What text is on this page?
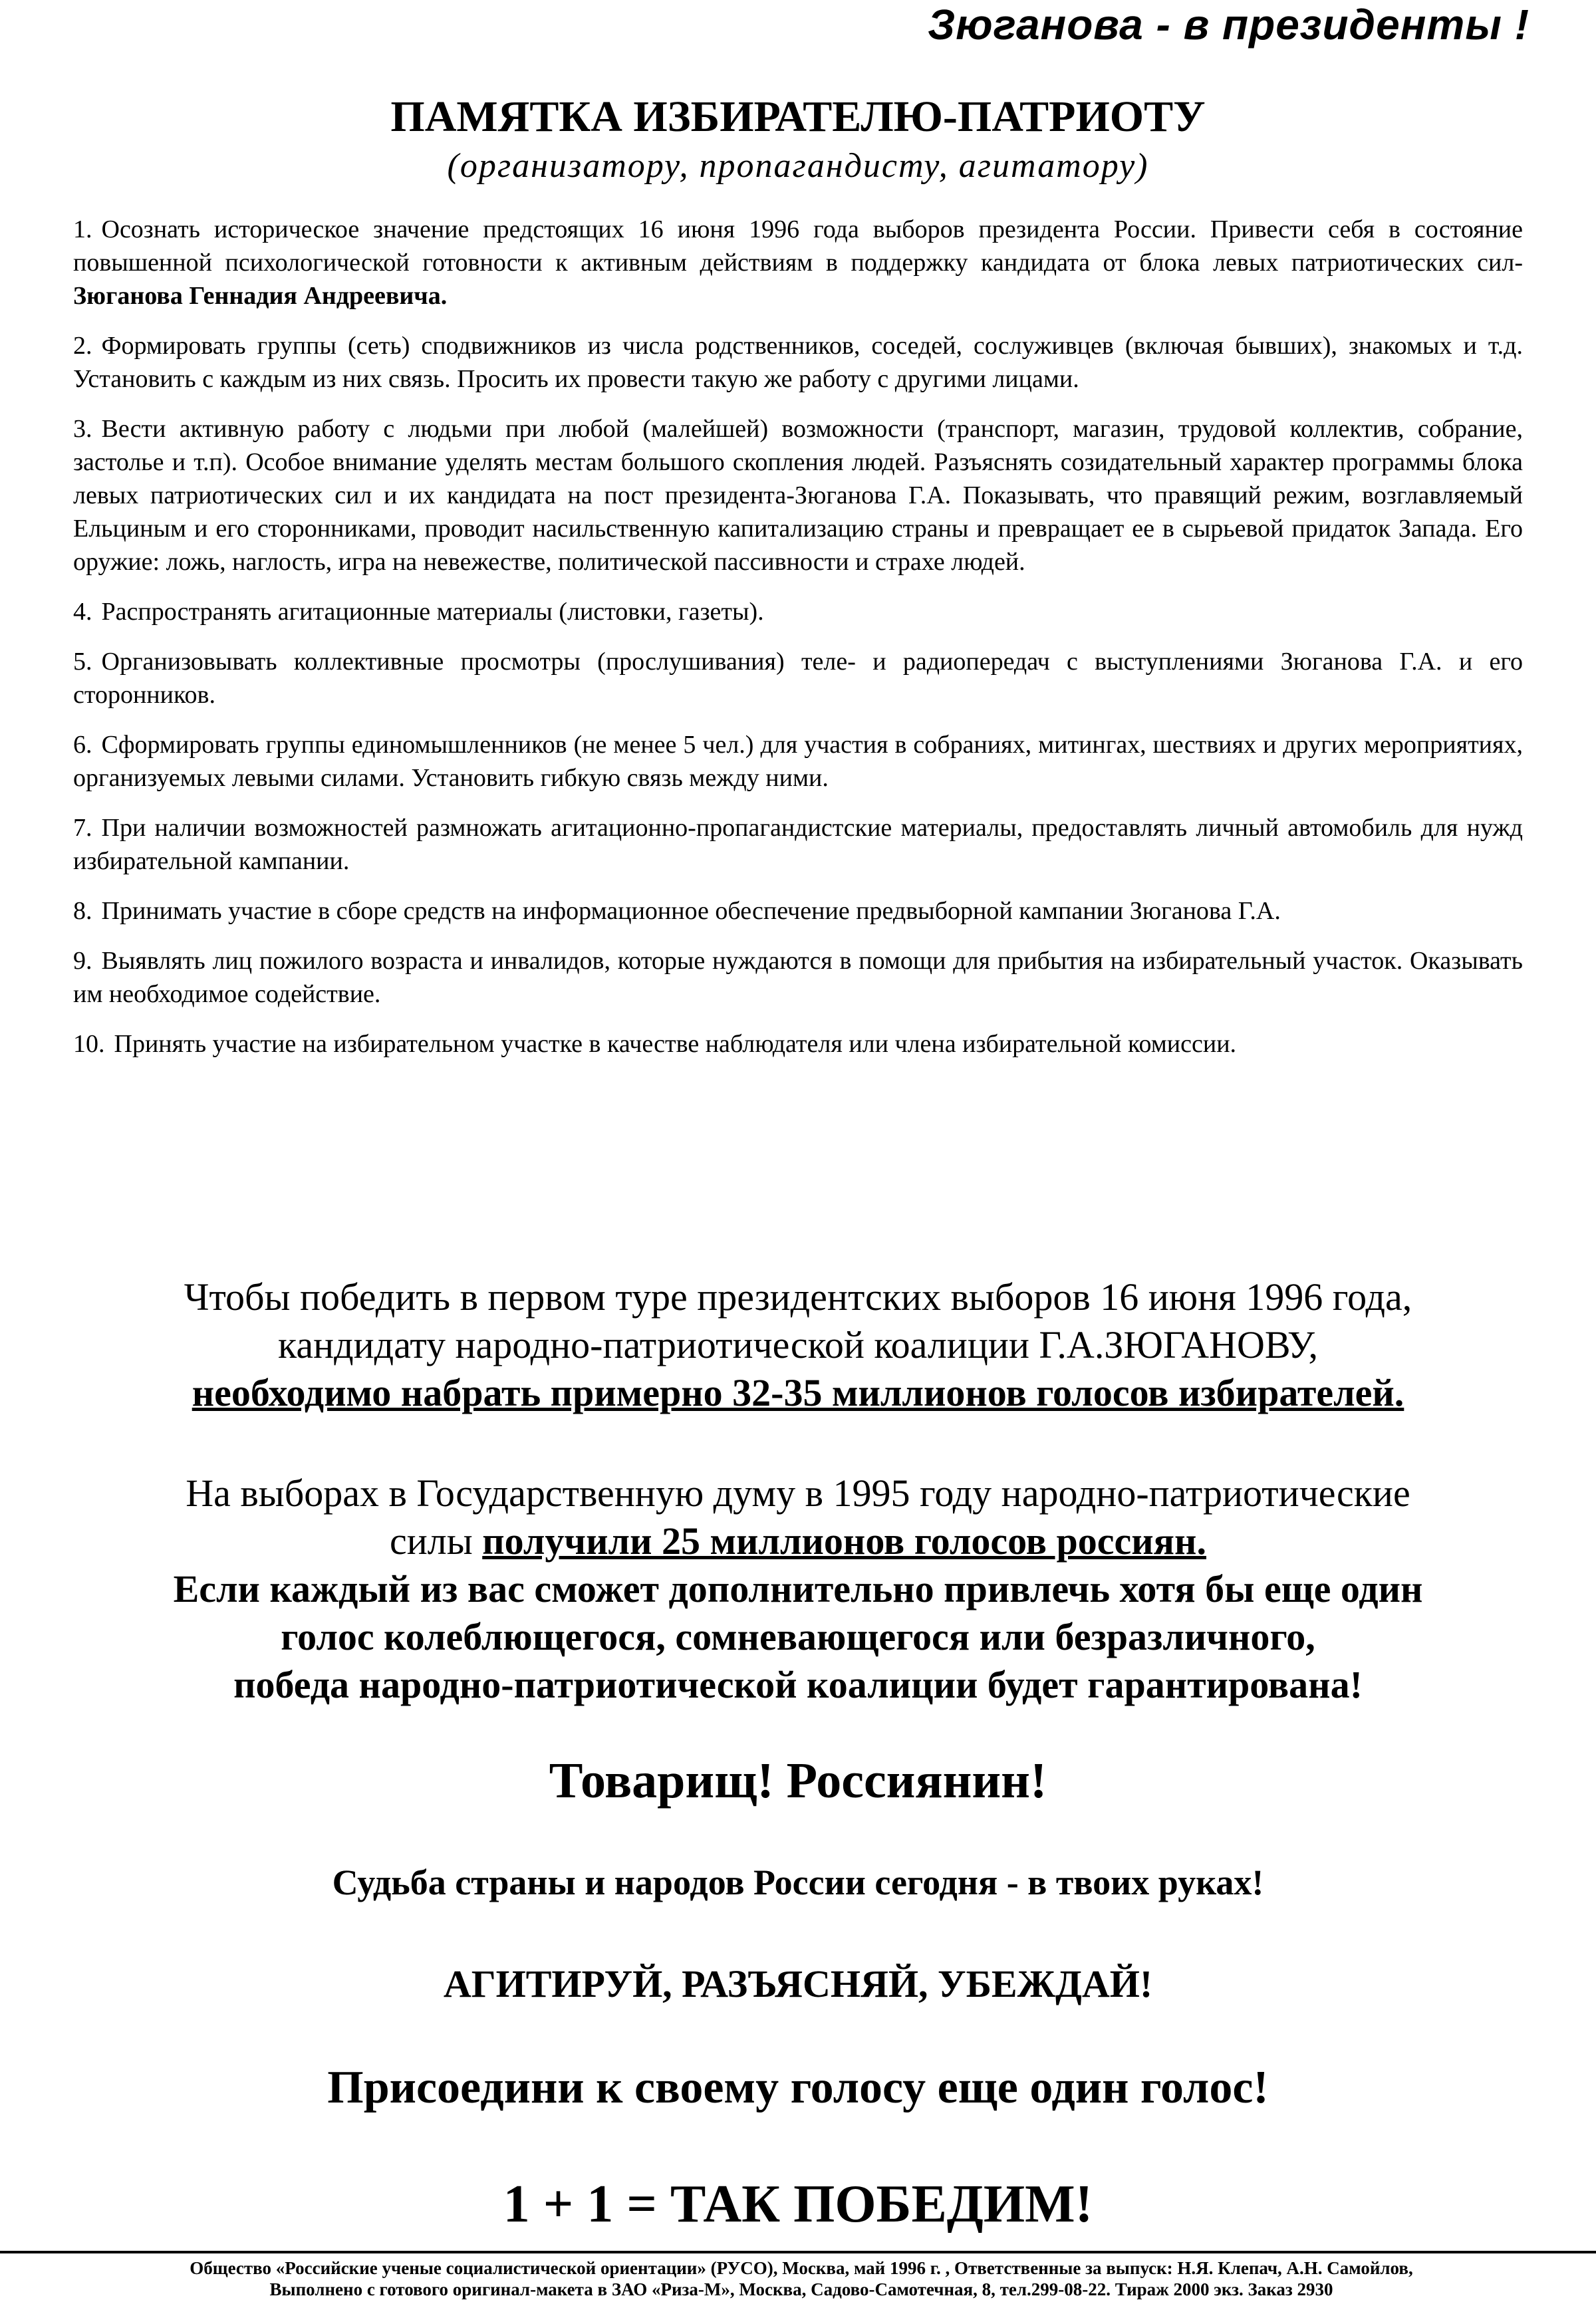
Зюганова - в президенты !
ПАМЯТКА ИЗБИРАТЕЛЮ-ПАТРИОТУ
(организатору, пропагандисту, агитатору)
1. Осознать историческое значение предстоящих 16 июня 1996 года выборов президента России. Привести себя в состояние повышенной психологической готовности к активным действиям в поддержку кандидата от блока левых патриотических сил-Зюганова Геннадия Андреевича.
2. Формировать группы (сеть) сподвижников из числа родственников, соседей, сослуживцев (включая бывших), знакомых и т.д. Установить с каждым из них связь. Просить их провести такую же работу с другими лицами.
3. Вести активную работу с людьми при любой (малейшей) возможности (транспорт, магазин, трудовой коллектив, собрание, застолье и т.п). Особое внимание уделять местам большого скопления людей. Разъяснять созидательный характер программы блока левых патриотических сил и их кандидата на пост президента-Зюганова Г.А. Показывать, что правящий режим, возглавляемый Ельциным и его сторонниками, проводит насильственную капитализацию страны и превращает ее в сырьевой придаток Запада. Его оружие: ложь, наглость, игра на невежестве, политической пассивности и страхе людей.
4. Распространять агитационные материалы (листовки, газеты).
5. Организовывать коллективные просмотры (прослушивания) теле- и радиопередач с выступлениями Зюганова Г.А. и его сторонников.
6. Сформировать группы единомышленников (не менее 5 чел.) для участия в собраниях, митингах, шествиях и других мероприятиях, организуемых левыми силами. Установить гибкую связь между ними.
7. При наличии возможностей размножать агитационно-пропагандистские материалы, предоставлять личный автомобиль для нужд избирательной кампании.
8. Принимать участие в сборе средств на информационное обеспечение предвыборной кампании Зюганова Г.А.
9. Выявлять лиц пожилого возраста и инвалидов, которые нуждаются в помощи для прибытия на избирательный участок. Оказывать им необходимое содействие.
10. Принять участие на избирательном участке в качестве наблюдателя или члена избирательной комиссии.
Чтобы победить в первом туре президентских выборов 16 июня 1996 года,
кандидату народно-патриотической коалиции Г.А.ЗЮГАНОВУ,
необходимо набрать примерно 32-35 миллионов голосов избирателей.
На выборах в Государственную думу в 1995 году народно-патриотические
силы получили 25 миллионов голосов россиян.
Если каждый из вас сможет дополнительно привлечь хотя бы еще один
голос колеблющегося, сомневающегося или безразличного,
победа народно-патриотической коалиции будет гарантирована!
Товарищ! Россиянин!
Судьба страны и народов России сегодня - в твоих руках!
АГИТИРУЙ, РАЗЪЯСНЯЙ, УБЕЖДАЙ!
Присоедини к своему голосу еще один голос!
1 + 1 = ТАК ПОБЕДИМ!
Общество «Российские ученые социалистической ориентации» (РУСО), Москва, май 1996 г. , Ответственные за выпуск: Н.Я. Клепач, А.Н. Самойлов,
Выполнено с готового оригинал-макета в ЗАО «Риза-М», Москва, Садово-Самотечная, 8, тел.299-08-22. Тираж 2000 экз. Заказ 2930
